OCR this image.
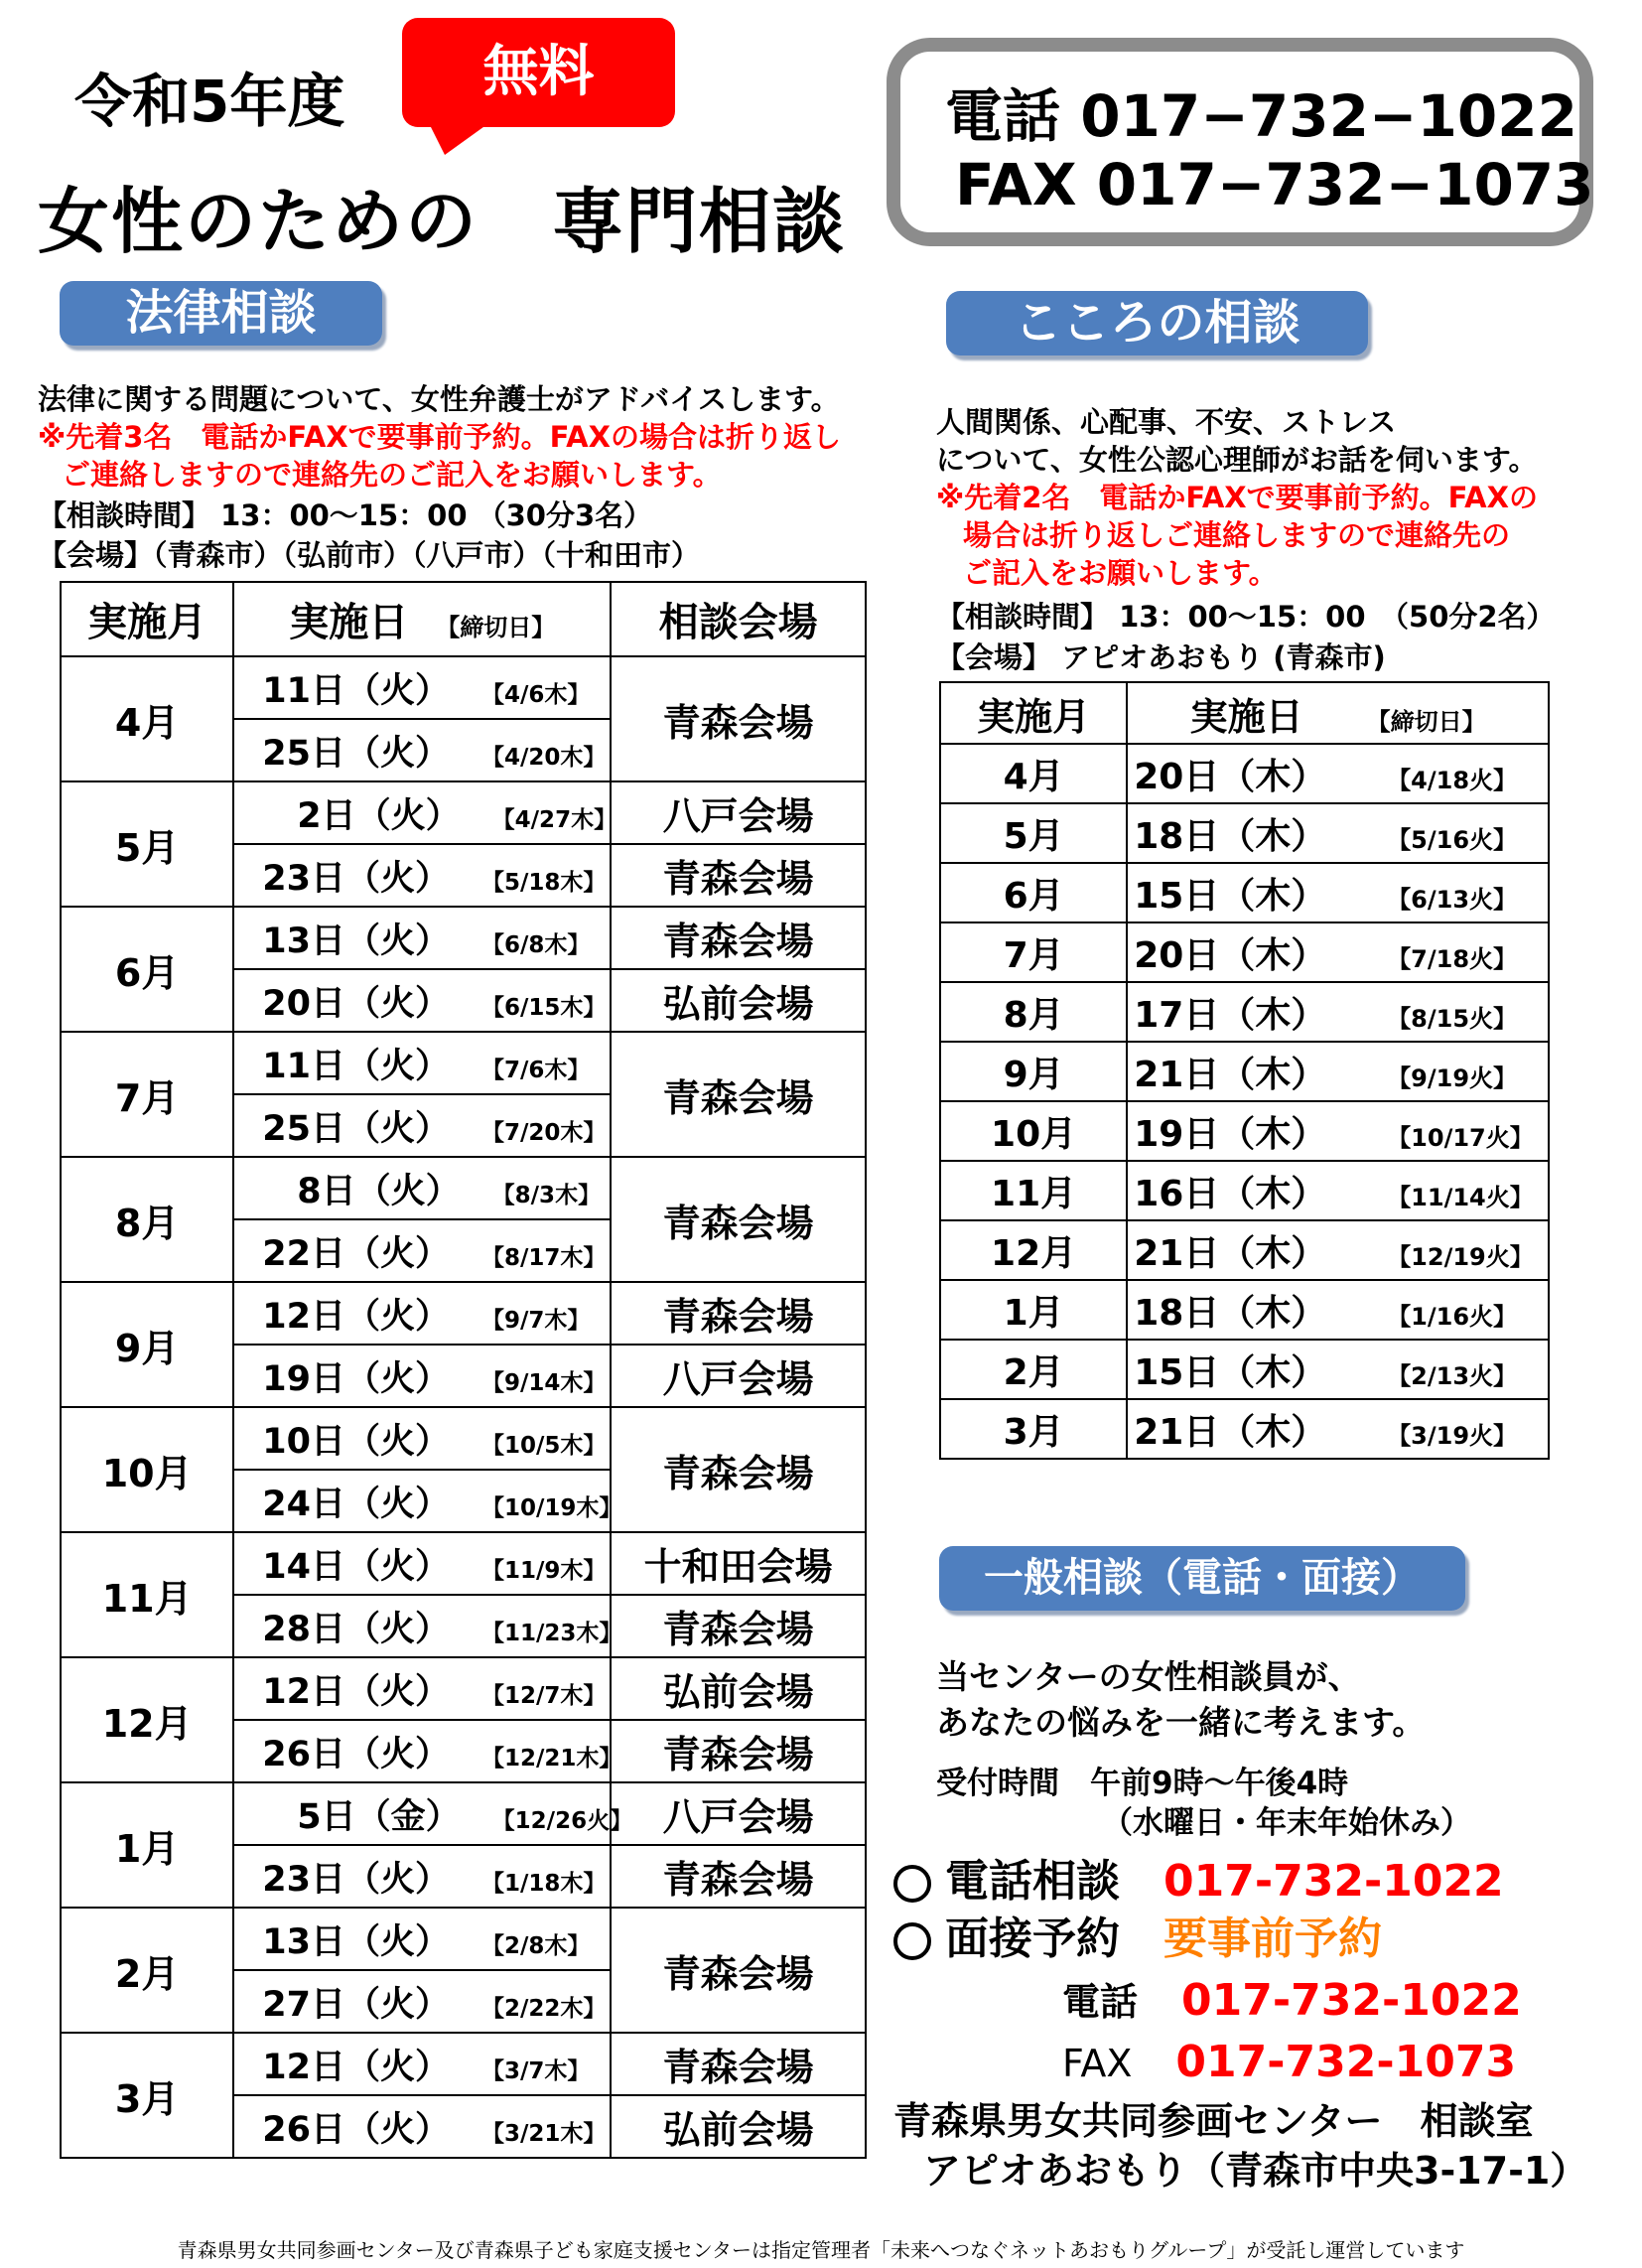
令和5年度	無料
女性のための　専門相談
電話 017−732−1022
FAX 017−732−1073
法律相談
法律に関する問題について、女性弁護士がアドバイスします。
※先着3名　電話かFAXで要事前予約。FAXの場合は折り返し
ご連絡しますので連絡先のご記入をお願いします。
【相談時間】 13：00〜15：00 （30分3名）
【会場】（青森市）（弘前市）（八戸市）（十和田市）
実施月	実施日　 【締切日】	相談会場
4月	11日（火） 【4/6木】	青森会場
	25日（火） 【4/20木】	
5月	　2日（火） 【4/27木】	八戸会場
	23日（火） 【5/18木】	青森会場
6月	13日（火） 【6/8木】	青森会場
	20日（火） 【6/15木】	弘前会場
7月	11日（火） 【7/6木】	青森会場
	25日（火） 【7/20木】	
8月	　8日（火） 【8/3木】	青森会場
	22日（火） 【8/17木】	
9月	12日（火） 【9/7木】	青森会場
	19日（火） 【9/14木】	八戸会場
10月	10日（火） 【10/5木】	青森会場
	24日（火） 【10/19木】	
11月	14日（火） 【11/9木】	十和田会場
	28日（火） 【11/23木】	青森会場
12月	12日（火） 【12/7木】	弘前会場
	26日（火） 【12/21木】	青森会場
1月	　5日（金） 【12/26火】	八戸会場
	23日（火） 【1/18木】	青森会場
2月	13日（火） 【2/8木】	青森会場
	27日（火） 【2/22木】	
3月	12日（火） 【3/7木】	青森会場
	26日（火） 【3/21木】	弘前会場
こころの相談
人間関係、心配事、不安、ストレス
について、女性公認心理師がお話を伺います。
※先着2名　電話かFAXで要事前予約。FAXの
場合は折り返しご連絡しますので連絡先の
ご記入をお願いします。
【相談時間】 13：00〜15：00　（50分2名）
【会場】 アピオあおもり (青森市)
実施月	実施日　　 【締切日】
4月	20日（木） 【4/18火】
5月	18日（木） 【5/16火】
6月	15日（木） 【6/13火】
7月	20日（木） 【7/18火】
8月	17日（木） 【8/15火】
9月	21日（木） 【9/19火】
10月	19日（木） 【10/17火】
11月	16日（木） 【11/14火】
12月	21日（木） 【12/19火】
1月	18日（木） 【1/16火】
2月	15日（木） 【2/13火】
3月	21日（木） 【3/19火】
一般相談（電話・面接）
当センターの女性相談員が、
あなたの悩みを一緒に考えます。
受付時間　午前9時〜午後4時
（水曜日・年末年始休み）
電話相談　 017-732-1022
面接予約　 要事前予約
電話　 017-732-1022
FAX　 017-732-1073
青森県男女共同参画センター　相談室
アピオあおもり（青森市中央3-17-1）
青森県男女共同参画センター及び青森県子ども家庭支援センターは指定管理者「未来へつなぐネットあおもりグループ」が受託し運営しています
